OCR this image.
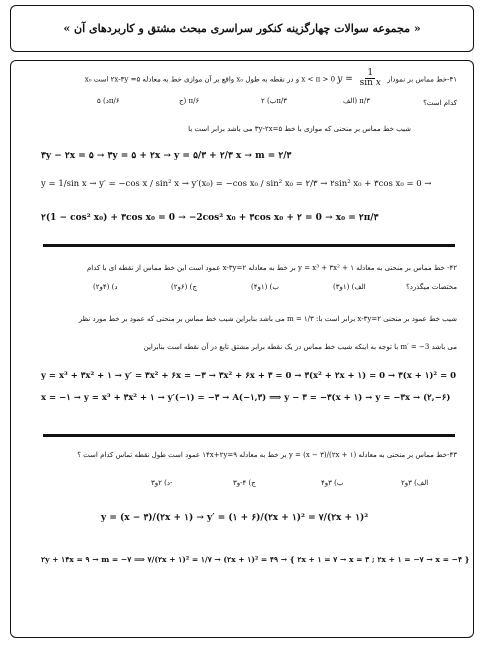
« مجموعه سوالات چهارگزینه کنکور سراسری مبحث مشتق و کاربردهای آن »
۴۱-خط مماس بر نمودار $y = \frac{1}{\text{sin x}}$
0 < x < π و در نقطه به طول x₀ واقع بر آن موازی خط به معادله ۵= ۲x-۳y است x₀
کدام است؟
الف) π/۳
ب) ۲π/۳
ج) π/۶
د) ۵π/۶
شیب خط مماس بر منحنی که موازی با خط ۵=۳y-۲x می باشد برابر است با
۳y − ۲x = ۵ → ۳y = ۵ + ۲x → y = ۵/۳ + ۲/۳ x → m = ۲/۳
y = 1/sin x → y′ = −cos x / sin² x → y′(x₀) = −cos x₀ / sin² x₀ = ۲/۳ → ۲sin² x₀ + ۳cos x₀ = 0 →
۲(1 − cos² x₀) + ۳cos x₀ = 0 → −2cos² x₀ + ۳cos x₀ + ۲ = 0 → x₀ = ۲π/۳
۴۲- خط مماس بر منحنی به معادله y = x³ + ۳x² + ۱ بر خط به معادله ۲=x-۳y عمود است این خط مماس از نقطه ای با کدام
مختصات میگذرد؟
الف) (۱و۳)
ب) (۱و۴)
ج) (۶و۲)
د) (۴و۲)
شیب خط عمود بر منحنی ۲=x-۳y برابر است با: m = ۱/۳ می باشد بنابراین شیب خط مماس بر منحنی که عمود بر خط مورد نظر
می باشد m′ = −3 با توجه به اینکه شیب خط مماس در یک نقطه برابر مشتق تابع در آن نقطه است بنابراین
y = x³ + ۳x² + ۱ → y′ = ۳x² + ۶x = −۳ → ۳x² + ۶x + ۳ = 0 → ۳(x² + ۲x + ۱) = 0 → ۳(x + ۱)² = 0
x = −۱ → y = x³ + ۳x² + ۱ → y′(−۱) = −۳ → A(−۱,۳) ⟹ y − ۳ = −۳(x + ۱) → y = −۳x → (۲,−۶)
۴۳-خط مماس بر منحنی به معادله y = (x − ۳)/(۲x + ۱) بر خط به معادله ۹=۱۴x+۲y عمود است طول نقطه تماس کدام است ؟
الف) ۳و۲
ب) ۳و۴
ج) ۴-و۳
د) ۲و۳-
y = (x − ۳)/(۲x + ۱) → y′ = (۱ + ۶)/(۲x + ۱)² = ۷/(۲x + ۱)²
۲y + ۱۴x = ۹ → m = −۷ ⟹ ۷/(۲x + ۱)² = ۱/۷ → (۲x + ۱)² = ۴۹ → { ۲x + ۱ = ۷ → x = ۳ ; ۲x + ۱ = −۷ → x = −۴ }
